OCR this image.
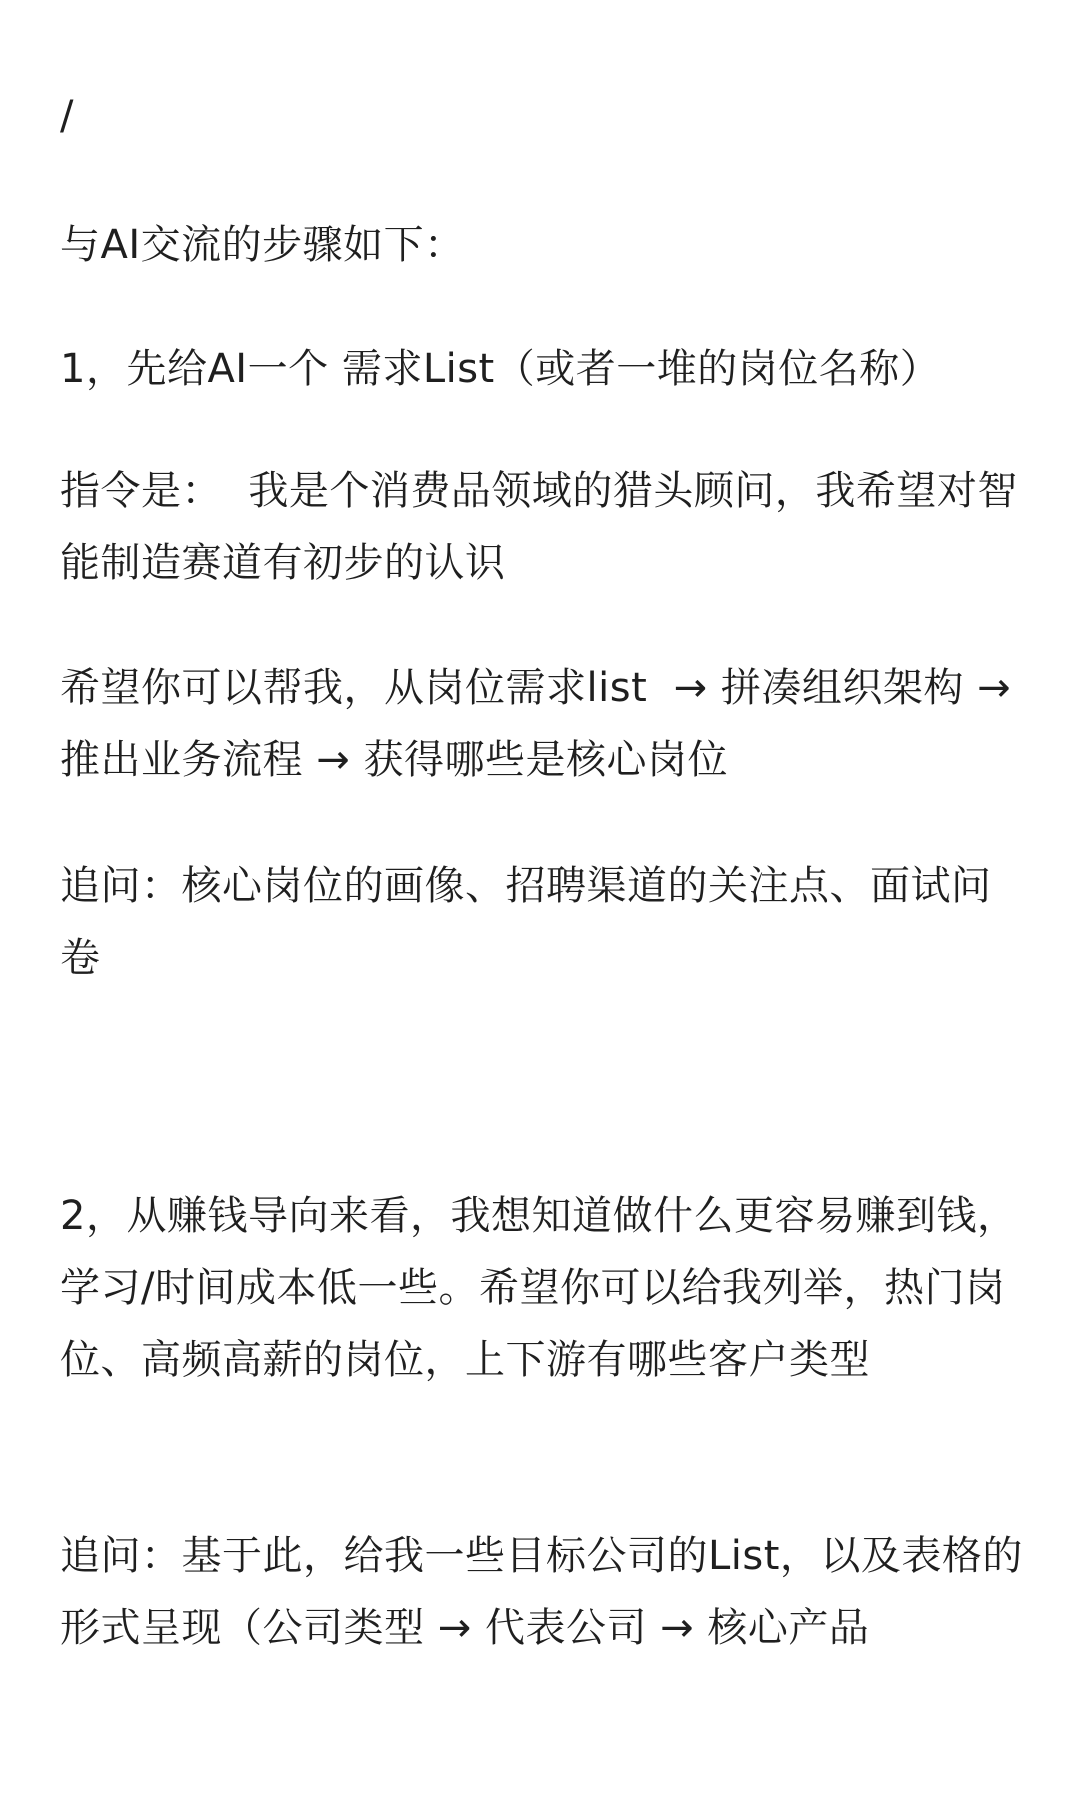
/

与AI交流的步骤如下：

1，先给AI一个 需求List（或者一堆的岗位名称）

指令是：  我是个消费品领域的猎头顾问，我希望对智能制造赛道有初步的认识

希望你可以帮我，从岗位需求list  → 拼凑组织架构 → 推出业务流程 → 获得哪些是核心岗位

追问：核心岗位的画像、招聘渠道的关注点、面试问卷

2，从赚钱导向来看，我想知道做什么更容易赚到钱，学习/时间成本低一些。希望你可以给我列举，热门岗位、高频高薪的岗位，上下游有哪些客户类型

追问：基于此，给我一些目标公司的List，以及表格的形式呈现（公司类型 → 代表公司 → 核心产品
